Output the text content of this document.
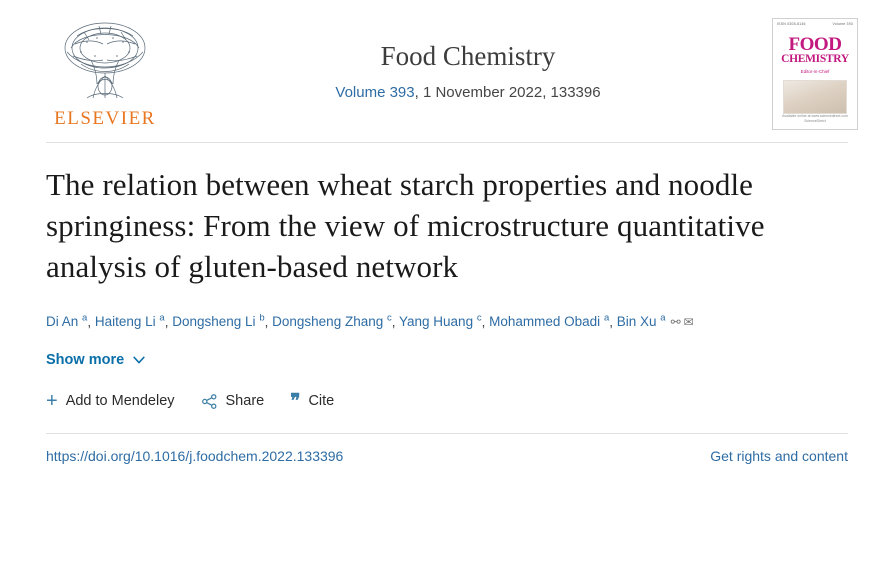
ELSEVIER
Food Chemistry
Volume 393, 1 November 2022, 133396
ISSN 0308-8146	Volume 393
FOOD
CHEMISTRY
Editor-in-Chief
Available online at www.sciencedirect.com
ScienceDirect
The relation between wheat starch properties and noodle springiness: From the view of microstructure quantitative analysis of gluten-based network
Di An $^a$, Haiteng Li $^a$, Dongsheng Li $^b$, Dongsheng Zhang $^c$, Yang Huang $^c$, Mohammed Obadi $^a$, Bin Xu $^a$ ⚯✉
Show more
+ Add to Mendeley	Share ❞ Cite
https://doi.org/10.1016/j.foodchem.2022.133396	Get rights and content
